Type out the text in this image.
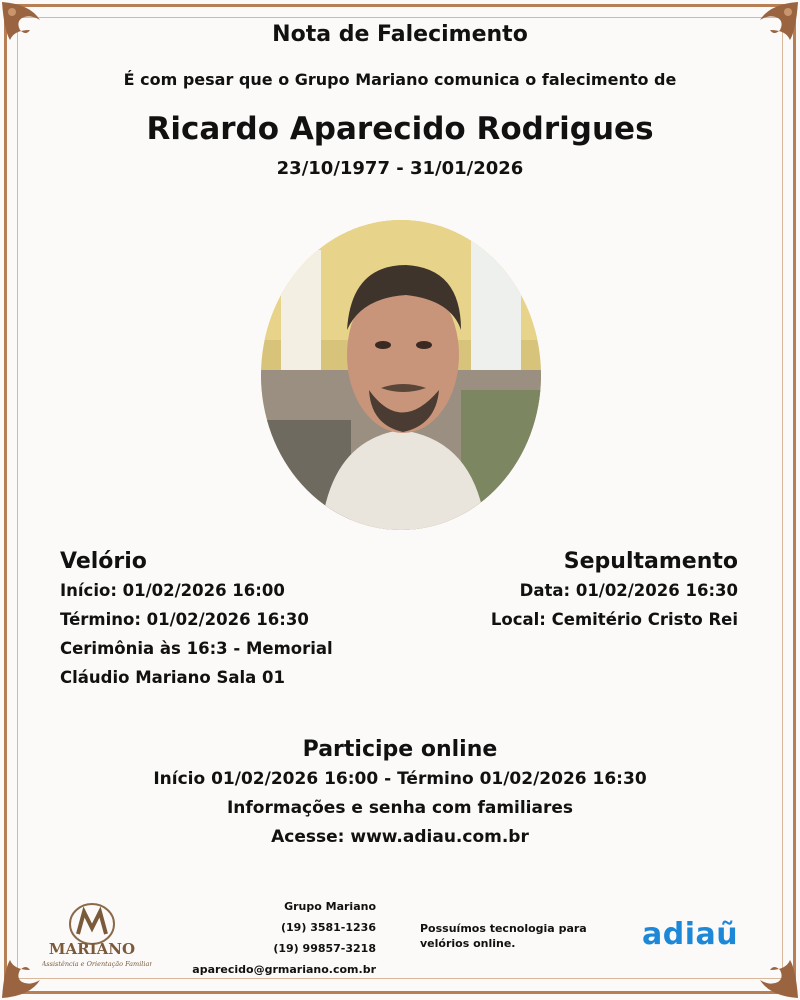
Nota de Falecimento
É com pesar que o Grupo Mariano comunica o falecimento de
Ricardo Aparecido Rodrigues
23/10/1977 - 31/01/2026
Velório
Início: 01/02/2026 16:00
Término: 01/02/2026 16:30
Cerimônia às 16:3 - Memorial
Cláudio Mariano Sala 01
Sepultamento
Data: 01/02/2026 16:30
Local: Cemitério Cristo Rei
Participe online
Início 01/02/2026 16:00 - Término 01/02/2026 16:30
Informações e senha com familiares
Acesse: www.adiau.com.br
MARIANO
Assistência e Orientação Familiar
Grupo Mariano
(19) 3581-1236
(19) 99857-3218
aparecido@grmariano.com.br
Possuímos tecnologia para velórios online.	adiaũ
